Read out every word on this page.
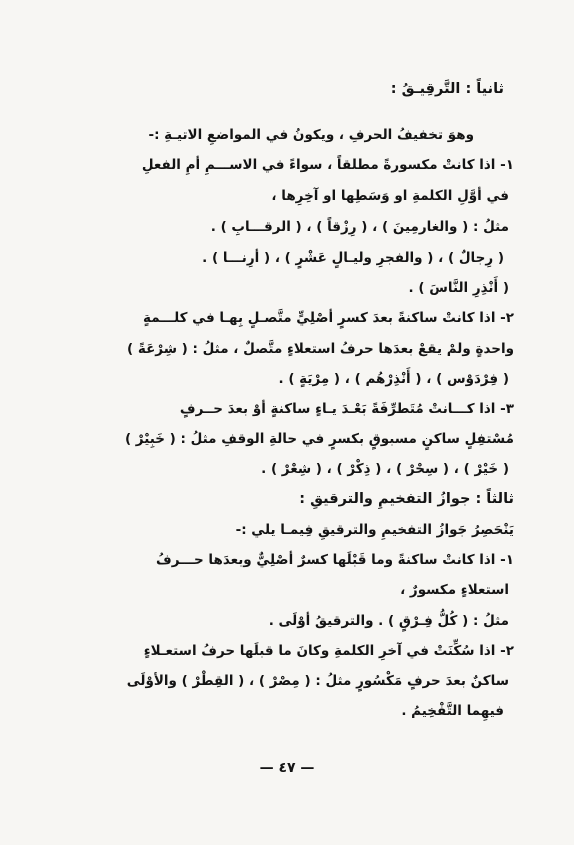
ثانياً : التَّرقِيـقُ :
وهوَ تخفيفُ الحرفِ ، ويكونُ في المواضعِ الاتيـةِ :-
١- اذا كانتْ مكسورةً مطلقاً ، سواءً في الاســـمِ أمِ الفعلِ
في أوَّلِ الكلمةِ او وَسَطِها او آخِرِها ،
مثلُ : ( والغارمِينَ ) ، ( رِزْقاً ) ، ( الرقـــابِ ) .
( رِجالٌ ) ، ( والفجرِ وليـالٍ عَشْرٍ ) ، ( أرِنـــا ) .
( أَنْذِرِ النَّاسَ ) .
٢- اذا كانتْ ساكنةً بعدَ كسرٍ أصْلِيٍّ متَّصـلٍ بِهـا في كلـــمةٍ
واحدةٍ ولمْ يقعْ بعدَها حرفُ استعلاءٍ متَّصلٌ ، مثلُ : ( شِرْعَةً )
( فِرْدَوْس ) ، ( أَنْذِرْهُم ) ، ( مِرْيَةٍ ) .
٣- اذا كـــانتْ مُتَطرِّفَةً بَعْـدَ يـاءٍ ساكنةٍ أوْ بعدَ حــرفٍ
مُسْتفِلٍ ساكنٍ مسبوقٍ بكسرٍ في حالةِ الوقفِ مثلُ : ( خَبِيْرْ )
( خَيْرْ ) ، ( سِحْرْ ) ، ( ذِكْرْ ) ، ( شِعْرْ ) .
ثالثاً : جوازُ التفخيمِ والترقيقِ :
يَنْحَصِرُ جَوازُ التفخيمِ والترقيقِ فِيمـا يلي :-
١- اذا كانتْ ساكنةً وما قَبْلَها كسرٌ أصْلِيٌّ وبعدَها حـــرفُ
استعلاءٍ مكسورٌ ،
مثلُ : ( كُلُّ فِـرْقٍ ) . والترقيقُ أوْلَى .
٢- اذا سُكِّنَتْ في آخرِ الكلمةِ وكانَ ما قبلَها حرفُ استعـلاءٍ
ساكنٌ بعدَ حرفٍ مَكْسُورٍ مثلُ : ( مِصْرْ ) ، ( القِطْرْ ) والأوْلَى
فيهِما التَّفْخِيمُ .
— ٤٧ —
